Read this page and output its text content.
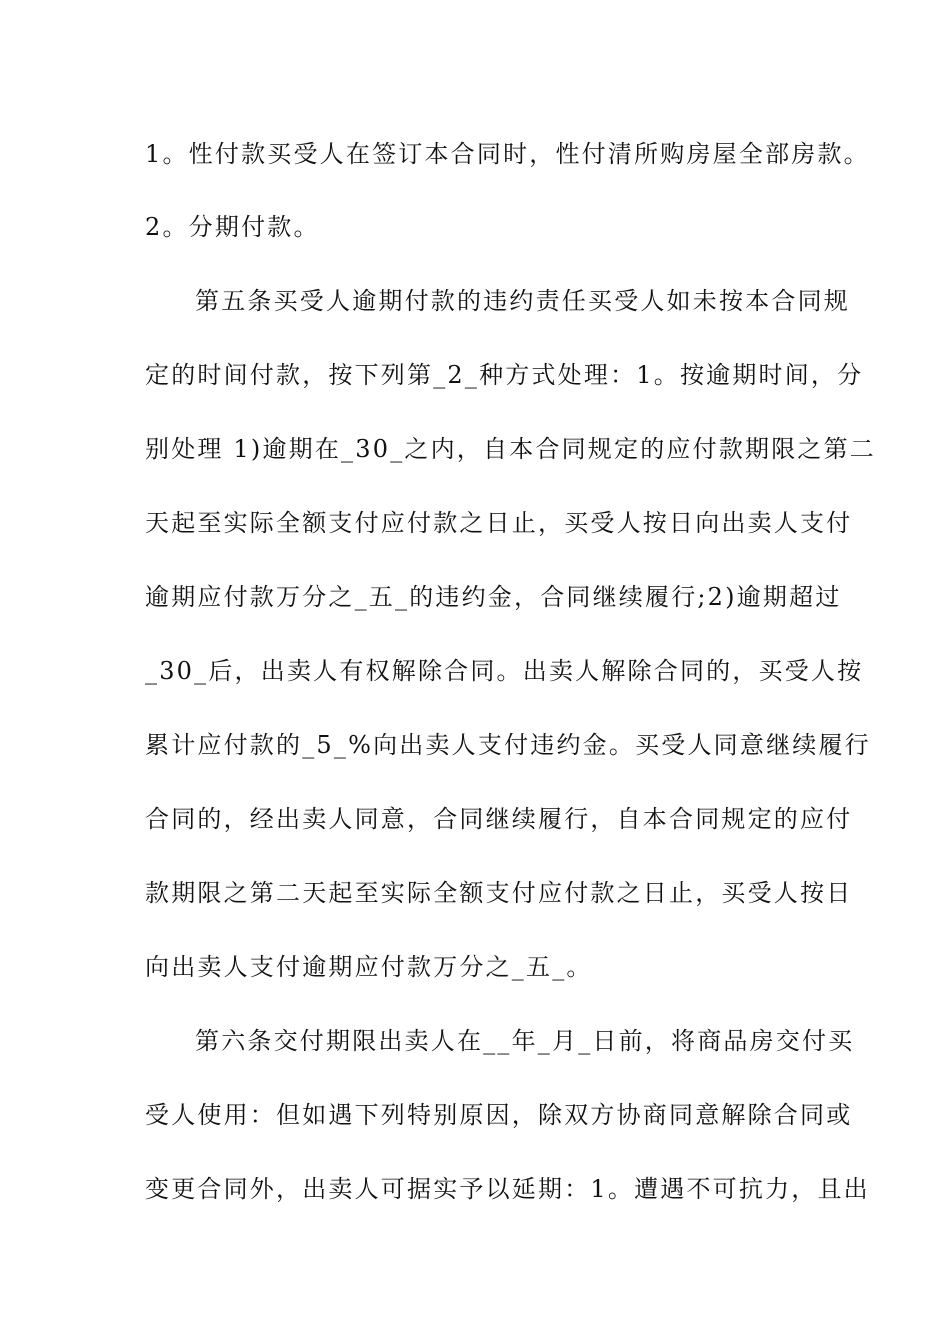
1。性付款买受人在签订本合同时，性付清所购房屋全部房款。
2。分期付款。
第五条买受人逾期付款的违约责任买受人如未按本合同规
定的时间付款，按下列第_2_种方式处理：1。按逾期时间，分
别处理 1)逾期在_30_之内，自本合同规定的应付款期限之第二
天起至实际全额支付应付款之日止，买受人按日向出卖人支付
逾期应付款万分之_五_的违约金，合同继续履行;2)逾期超过
_30_后，出卖人有权解除合同。出卖人解除合同的，买受人按
累计应付款的_5_%向出卖人支付违约金。买受人同意继续履行
合同的，经出卖人同意，合同继续履行，自本合同规定的应付
款期限之第二天起至实际全额支付应付款之日止，买受人按日
向出卖人支付逾期应付款万分之_五_。
第六条交付期限出卖人在__年_月_日前，将商品房交付买
受人使用：但如遇下列特别原因，除双方协商同意解除合同或
变更合同外，出卖人可据实予以延期：1。遭遇不可抗力，且出
